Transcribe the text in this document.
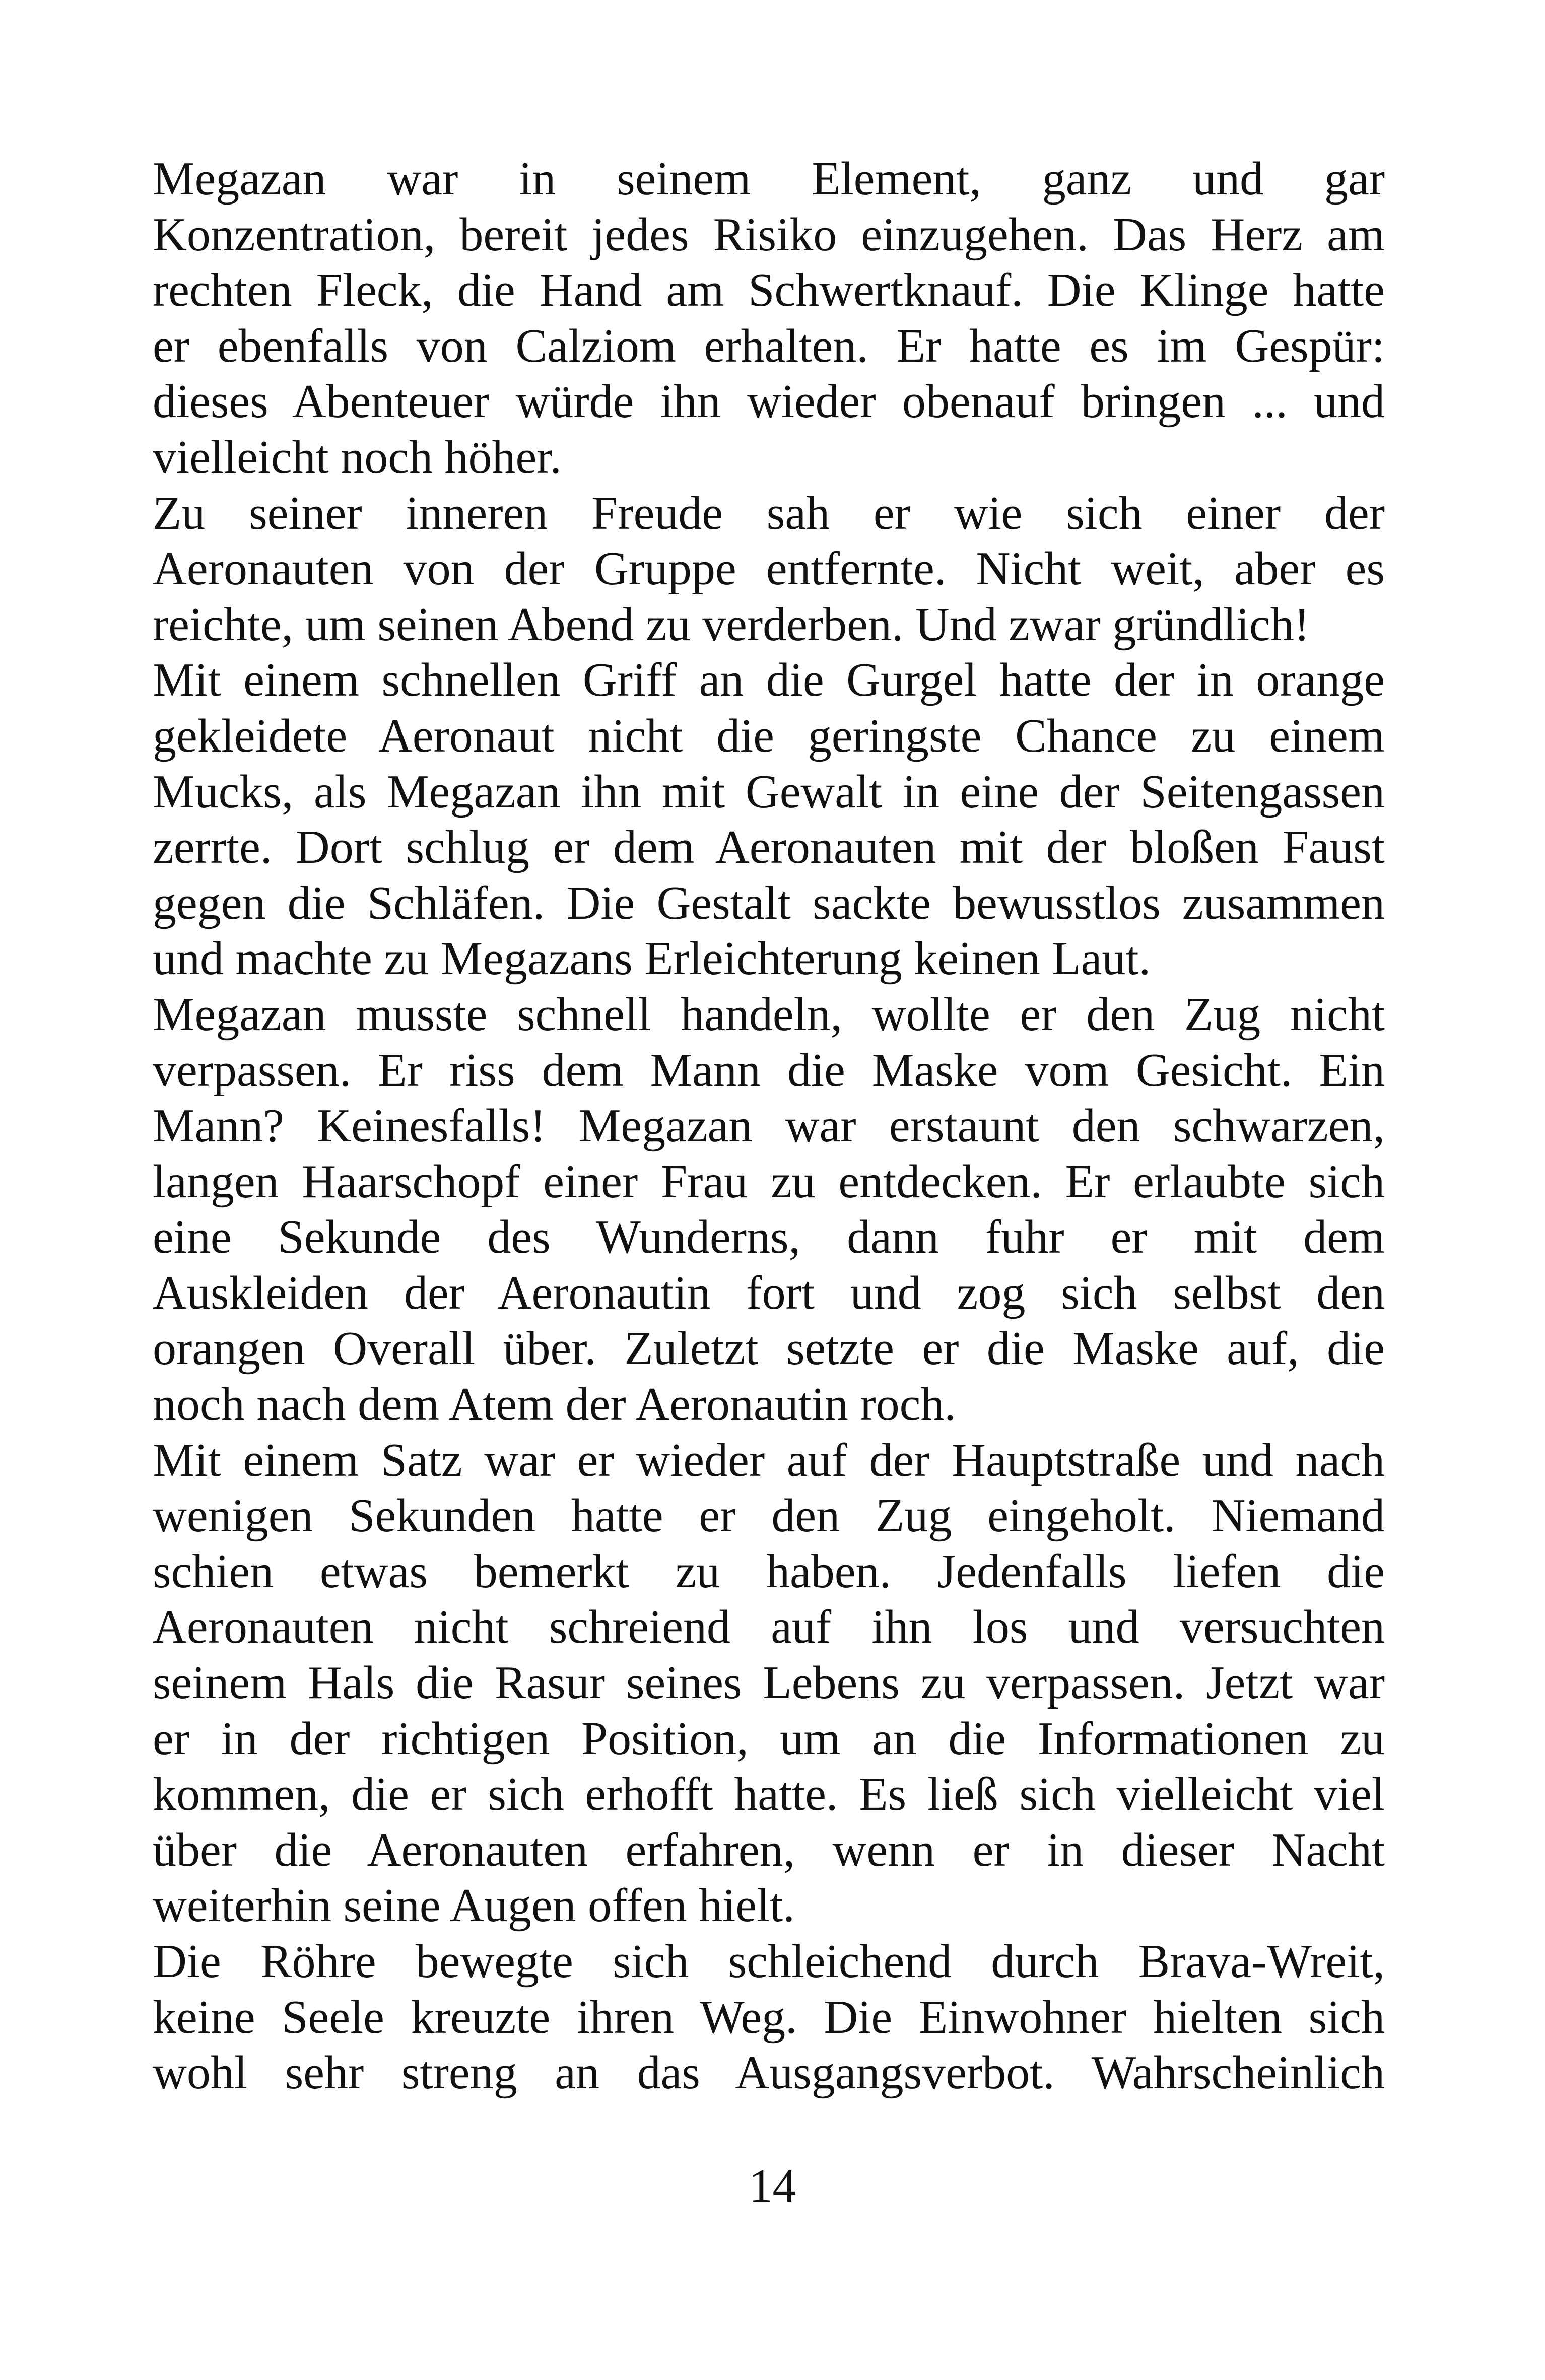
Megazan war in seinem Element, ganz und gar
Konzentration, bereit jedes Risiko einzugehen. Das Herz am
rechten Fleck, die Hand am Schwertknauf. Die Klinge hatte
er ebenfalls von Calziom erhalten. Er hatte es im Gespür:
dieses Abenteuer würde ihn wieder obenauf bringen ... und
vielleicht noch höher.
Zu seiner inneren Freude sah er wie sich einer der
Aeronauten von der Gruppe entfernte. Nicht weit, aber es
reichte, um seinen Abend zu verderben. Und zwar gründlich!
Mit einem schnellen Griff an die Gurgel hatte der in orange
gekleidete Aeronaut nicht die geringste Chance zu einem
Mucks, als Megazan ihn mit Gewalt in eine der Seitengassen
zerrte. Dort schlug er dem Aeronauten mit der bloßen Faust
gegen die Schläfen. Die Gestalt sackte bewusstlos zusammen
und machte zu Megazans Erleichterung keinen Laut.
Megazan musste schnell handeln, wollte er den Zug nicht
verpassen. Er riss dem Mann die Maske vom Gesicht. Ein
Mann? Keinesfalls! Megazan war erstaunt den schwarzen,
langen Haarschopf einer Frau zu entdecken. Er erlaubte sich
eine Sekunde des Wunderns, dann fuhr er mit dem
Auskleiden der Aeronautin fort und zog sich selbst den
orangen Overall über. Zuletzt setzte er die Maske auf, die
noch nach dem Atem der Aeronautin roch.
Mit einem Satz war er wieder auf der Hauptstraße und nach
wenigen Sekunden hatte er den Zug eingeholt. Niemand
schien etwas bemerkt zu haben. Jedenfalls liefen die
Aeronauten nicht schreiend auf ihn los und versuchten
seinem Hals die Rasur seines Lebens zu verpassen. Jetzt war
er in der richtigen Position, um an die Informationen zu
kommen, die er sich erhofft hatte. Es ließ sich vielleicht viel
über die Aeronauten erfahren, wenn er in dieser Nacht
weiterhin seine Augen offen hielt.
Die Röhre bewegte sich schleichend durch Brava-Wreit,
keine Seele kreuzte ihren Weg. Die Einwohner hielten sich
wohl sehr streng an das Ausgangsverbot. Wahrscheinlich
14
